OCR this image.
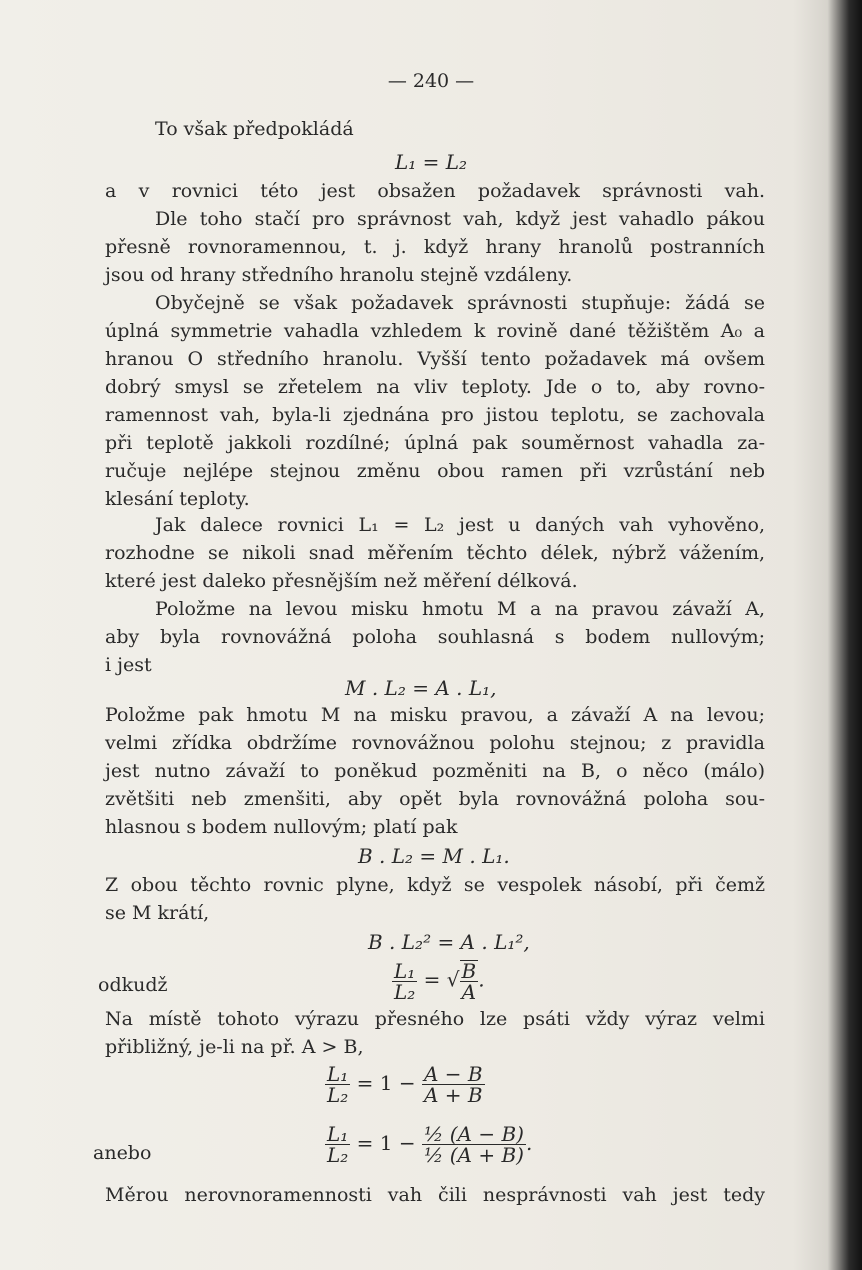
— 240 —
To však předpokládá
L₁ = L₂
a v rovnici této jest obsažen požadavek správnosti vah.
Dle toho stačí pro správnost vah, když jest vahadlo pákou
přesně rovnoramennou, t. j. když hrany hranolů postranních
jsou od hrany středního hranolu stejně vzdáleny.
Obyčejně se však požadavek správnosti stupňuje: žádá se
úplná symmetrie vahadla vzhledem k rovině dané těžištěm A₀ a
hranou O středního hranolu. Vyšší tento požadavek má ovšem
dobrý smysl se zřetelem na vliv teploty. Jde o to, aby rovno-
ramennost vah, byla-li zjednána pro jistou teplotu, se zachovala
při teplotě jakkoli rozdílné; úplná pak souměrnost vahadla za-
ručuje nejlépe stejnou změnu obou ramen při vzrůstání neb
klesání teploty.
Jak dalece rovnici L₁ = L₂ jest u daných vah vyhověno,
rozhodne se nikoli snad měřením těchto délek, nýbrž vážením,
které jest daleko přesnějším než měření délková.
Položme na levou misku hmotu M a na pravou závaží A,
aby byla rovnovážná poloha souhlasná s bodem nullovým;
i jest
M . L₂ = A . L₁,
Položme pak hmotu M na misku pravou, a závaží A na levou;
velmi zřídka obdržíme rovnovážnou polohu stejnou; z pravidla
jest nutno závaží to poněkud pozměniti na B, o něco (málo)
zvětšiti neb zmenšiti, aby opět byla rovnovážná poloha sou-
hlasnou s bodem nullovým; platí pak
B . L₂ = M . L₁.
Z obou těchto rovnic plyne, když se vespolek násobí, při čemž
se M krátí,
B . L₂² = A . L₁²,
odkudž	$\frac{\text{L₁}}{\text{L₂}}$ = √ $\frac{B}{A}$ .
Na místě tohoto výrazu přesného lze psáti vždy výraz velmi
přibližný, je-li na př. A > B,
$\frac{\text{L₁}}{\text{L₂}} = 1 - \frac{A - B}{A + B}$
anebo	$\frac{\text{L₁}}{\text{L₂}} = 1 - \frac{\text{½ (A − B)}}{\text{½ (A + B)}}$ .
Měrou nerovnoramennosti vah čili nesprávnosti vah jest tedy
